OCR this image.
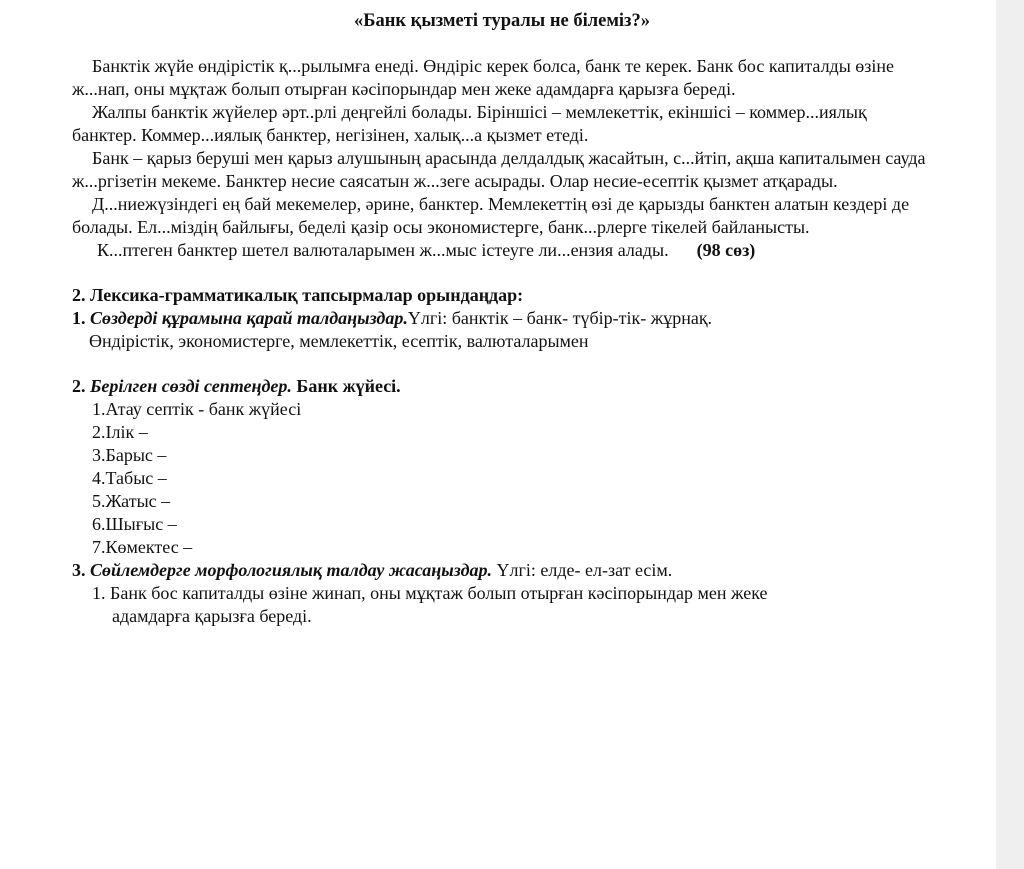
«Банк қызметі туралы не білеміз?»

Банктік жүйе өндірістік қ...рылымға енеді. Өндіріс керек болса, банк те керек. Банк бос капиталды өзіне ж...нап, оны мұқтаж болып отырған кәсіпорындар мен жеке адамдарға қарызға береді.

Жалпы банктік жүйелер әрт..рлі деңгейлі болады. Біріншісі – мемлекеттік, екіншісі – коммер...иялық банктер. Коммер...иялық банктер, негізінен, халық...а қызмет етеді.

Банк – қарыз беруші мен қарыз алушының арасында делдалдық жасайтын, с...йтіп, ақша капиталымен сауда ж...ргізетін мекеме. Банктер несие саясатын ж...зеге асырады. Олар несие-есептік қызмет атқарады.

Д...ниежүзіндегі ең бай мекемелер, әрине, банктер. Мемлекеттің өзі де қарызды банктен алатын кездері де болады. Ел...міздің байлығы, беделі қазір осы экономистерге, банк...рлерге тікелей байланысты.

К...птеген банктер шетел валюталарымен ж...мыс істеуге ли...ензия алады. (98 сөз)

2. Лексика-грамматикалық тапсырмалар орындаңдар:

1. Сөздерді құрамына қарай талдаңыздар.Үлгі: банктік – банк- түбір-тік- жұрнақ.

Өндірістік, экономистерге, мемлекеттік, есептік, валюталарымен

2. Берілген сөзді септеңдер. Банк жүйесі.

1.Атау септік - банк жүйесі

2.Ілік –

3.Барыс –

4.Табыс –

5.Жатыс –

6.Шығыс –

7.Көмектес –

3. Сөйлемдерге морфологиялық талдау жасаңыздар. Үлгі: елде- ел-зат есім.

1. Банк бос капиталды өзіне жинап, оны мұқтаж болып отырған кәсіпорындар мен жеке

адамдарға қарызға береді.
